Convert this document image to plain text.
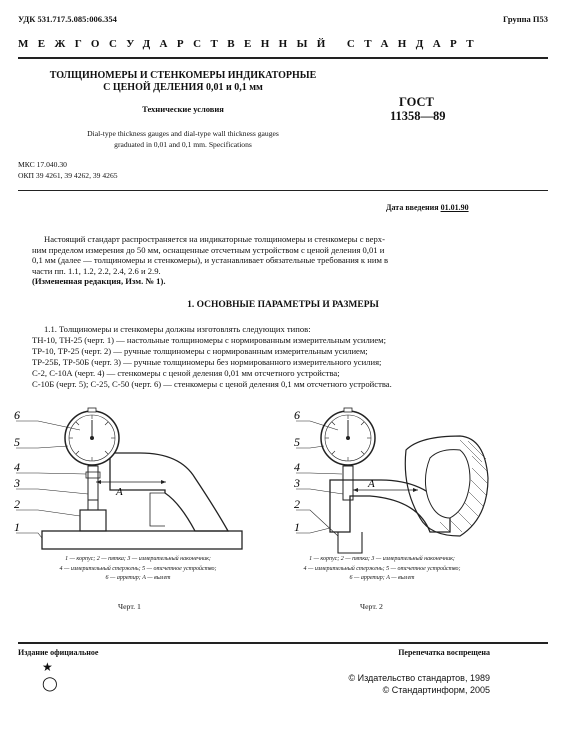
УДК 531.717.5.085:006.354	Группа П53
МЕЖГОСУДАРСТВЕННЫЙ СТАНДАРТ
ТОЛЩИНОМЕРЫ И СТЕНКОМЕРЫ ИНДИКАТОРНЫЕ
С ЦЕНОЙ ДЕЛЕНИЯ 0,01 и 0,1 мм
ГОСТ
11358—89
Технические условия
Dial-type thickness gauges and dial-type wall thickness gauges
graduated in 0,01 and 0,1 mm. Specifications
МКС 17.040.30
ОКП 39 4261, 39 4262, 39 4265
Дата введения 01.01.90
Настоящий стандарт распространяется на индикаторные толщиномеры и стенкомеры с верх-
ним пределом измерения до 50 мм, оснащенные отсчетным устройством с ценой деления 0,01 и
0,1 мм (далее — толщиномеры и стенкомеры), и устанавливает обязательные требования к ним в
части пп. 1.1, 1.2, 2.2, 2.4, 2.6 и 2.9.
(Измененная редакция, Изм. № 1).
1. ОСНОВНЫЕ ПАРАМЕТРЫ И РАЗМЕРЫ
1.1. Толщиномеры и стенкомеры должны изготовлять следующих типов:
ТН-10, ТН-25 (черт. 1) — настольные толщиномеры с нормированным измерительным усилием;
ТР-10, ТР-25 (черт. 2) — ручные толщиномеры с нормированным измерительным усилием;
ТР-25Б, ТР-50Б (черт. 3) — ручные толщиномеры без нормированного измерительного усилия;
С-2, С-10А (черт. 4) — стенкомеры с ценой деления 0,01 мм отсчетного устройства;
С-10Б (черт. 5); С-25, С-50 (черт. 6) — стенкомеры с ценой деления 0,1 мм отсчетного устройства.
A
6
5
4
3
2
1
A
6
5
4
3
2
1
1 — корпус; 2 — пятка; 3 — измерительный наконечник;
4 — измерительный стержень; 5 — отсчетное устройство;
6 — арретир; A — вылет
1 — корпус; 2 — пятка; 3 — измерительный наконечник;
4 — измерительный стержень; 5 — отсчетное устройство;
6 — арретир; A — вылет
Черт. 1	Черт. 2
Издание официальное	Перепечатка воспрещена
★
◯	© Издательство стандартов, 1989
© Стандартинформ, 2005
